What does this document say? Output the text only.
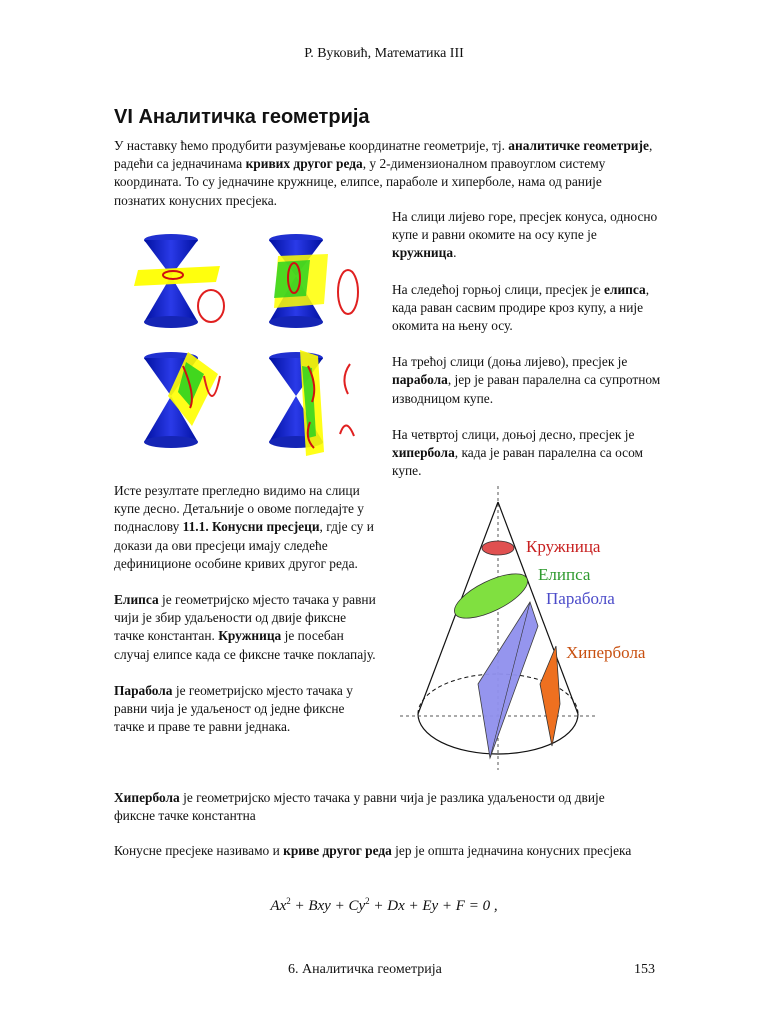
Р. Вуковић, Математика III
VI Аналитичка геометрија

У наставку ћемо продубити разумјевање координатне геометрије, тј. аналитичке геометрије, радећи са једначинама кривих другог реда, у 2-димензионалном правоуглом систему координата. То су једначине кружнице, елипсе, параболе и хиперболе, нама од раније познатих конусних пресјека.

На слици лијево горе, пресјек конуса, односно купе и равни окомите на осу купе је кружница.

На следећој горњој слици, пресјек је елипса, када раван сасвим продире кроз купу, а није окомита на њену осу.

На трећој слици (доња лијево), пресјек је парабола, јер је раван паралелна са супротном изводницом купе.

На четвртој слици, доњој десно, пресјек је хипербола, када је раван паралелна са осом купе.

Исте резултате прегледно видимо на слици купе десно. Детаљније о овоме погледајте у поднаслову 11.1. Конусни пресјеци, гдје су и докази да ови пресјеци имају следеће дефиниционе особине кривих другог реда.

Елипса је геометријско мјесто тачака у равни чији је збир удаљености од двије фиксне тачке константан. Кружница је посебан случај елипсе када се фиксне тачке поклапају.

Парабола је геометријско мјесто тачака у равни чија је удаљеност од једне фиксне тачке и праве те равни једнака.

Кружница
Елипса
Парабола
Хипербола

Хипербола је геометријско мјесто тачака у равни чија је разлика удаљености од двије фиксне тачке константна

Конусне пресјеке називамо и криве другог реда јер је општа једначина конусних пресјека

$Ax^2$ + Bxy + $Cy^2 + Dx + Ey + F = 0$ ,
6. Аналитичка геометрија	153
